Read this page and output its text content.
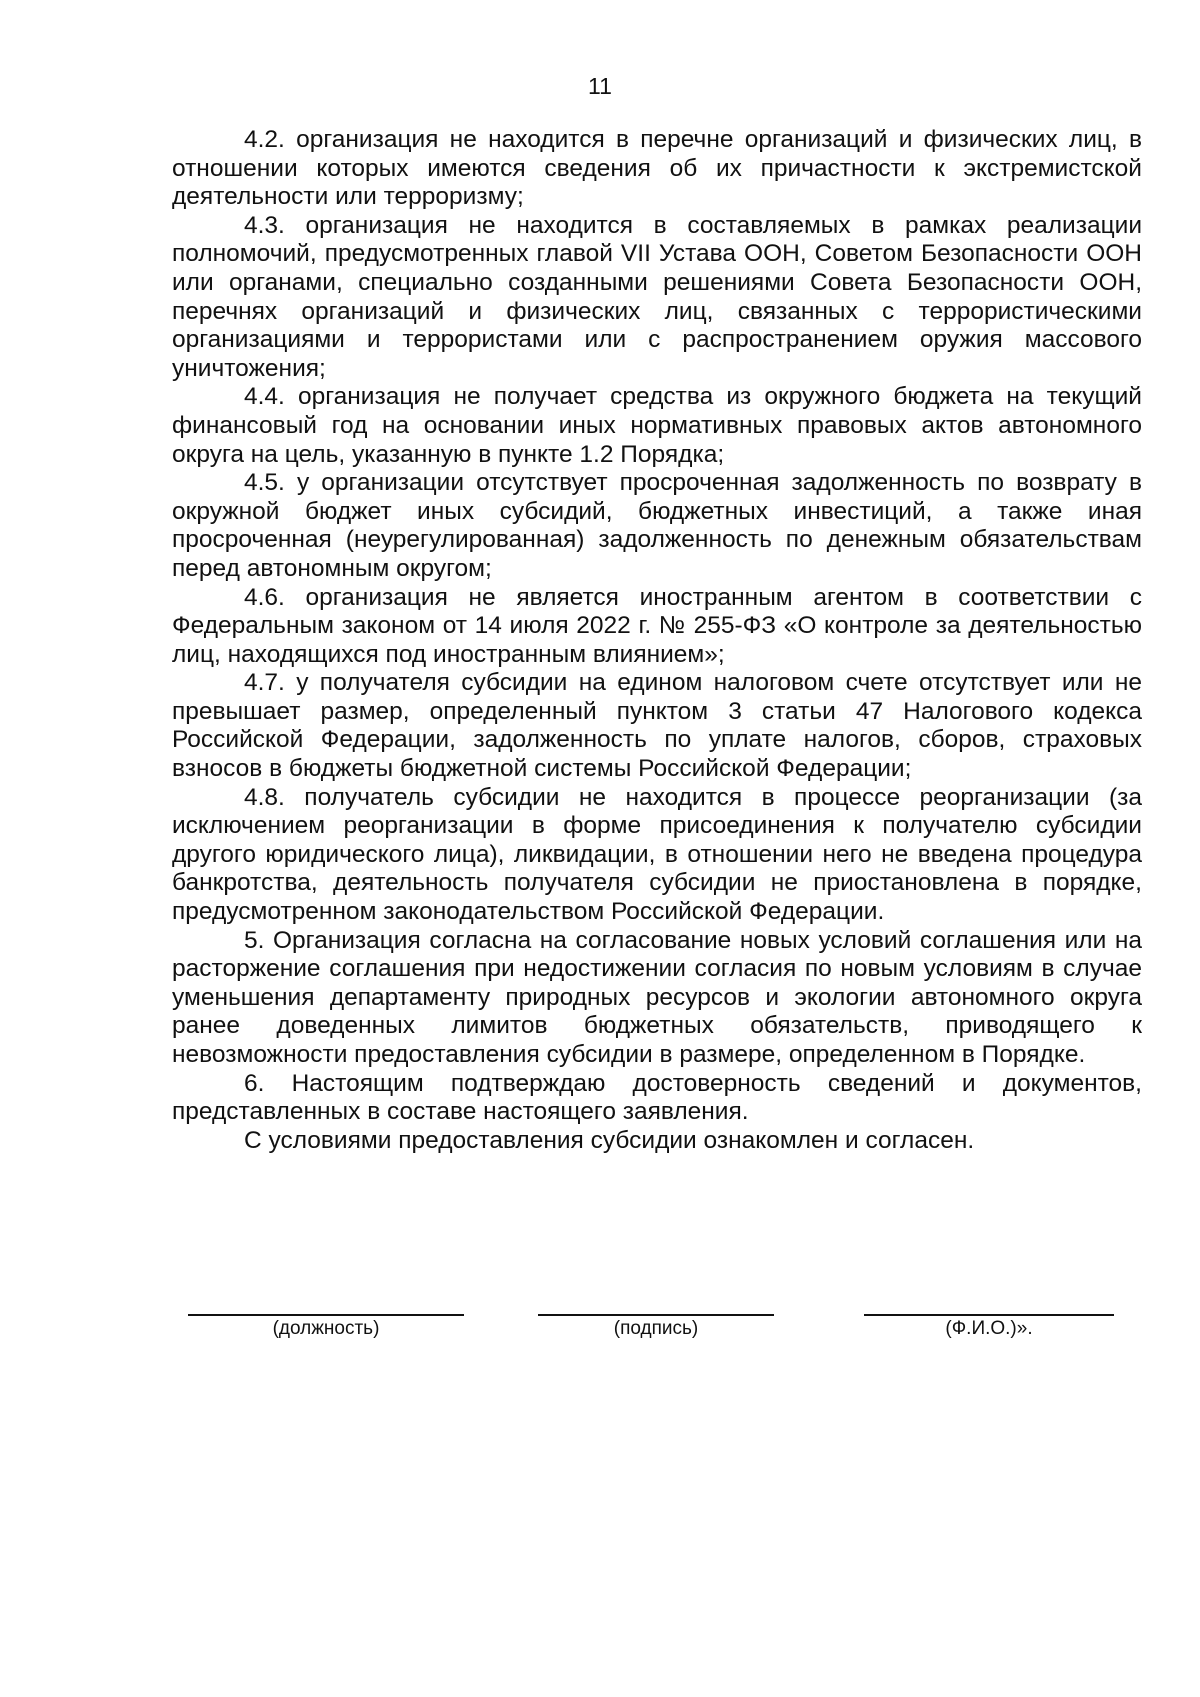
11

4.2. организация не находится в перечне организаций и физических лиц, в отношении которых имеются сведения об их причастности к экстремистской деятельности или терроризму;

4.3. организация не находится в составляемых в рамках реализации полномочий, предусмотренных главой VII Устава ООН, Советом Безопасности ООН или органами, специально созданными решениями Совета Безопасности ООН, перечнях организаций и физических лиц, связанных с террористическими организациями и террористами или с распространением оружия массового уничтожения;

4.4. организация не получает средства из окружного бюджета на текущий финансовый год на основании иных нормативных правовых актов автономного округа на цель, указанную в пункте 1.2 Порядка;

4.5. у организации отсутствует просроченная задолженность по возврату в окружной бюджет иных субсидий, бюджетных инвестиций, а также иная просроченная (неурегулированная) задолженность по денежным обязательствам перед автономным округом;

4.6. организация не является иностранным агентом в соответствии с Федеральным законом от 14 июля 2022 г. № 255-ФЗ «О контроле за деятельностью лиц, находящихся под иностранным влиянием»;

4.7. у получателя субсидии на едином налоговом счете отсутствует или не превышает размер, определенный пунктом 3 статьи 47 Налогового кодекса Российской Федерации, задолженность по уплате налогов, сборов, страховых взносов в бюджеты бюджетной системы Российской Федерации;

4.8. получатель субсидии не находится в процессе реорганизации (за исключением реорганизации в форме присоединения к получателю субсидии другого юридического лица), ликвидации, в отношении него не введена процедура банкротства, деятельность получателя субсидии не приостановлена в порядке, предусмотренном законодательством Российской Федерации.

5. Организация согласна на согласование новых условий соглашения или на расторжение соглашения при недостижении согласия по новым условиям в случае уменьшения департаменту природных ресурсов и экологии автономного округа ранее доведенных лимитов бюджетных обязательств, приводящего к невозможности предоставления субсидии в размере, определенном в Порядке.

6. Настоящим подтверждаю достоверность сведений и документов, представленных в составе настоящего заявления.

С условиями предоставления субсидии ознакомлен и согласен.

(должность)	(подпись)	(Ф.И.О.)».
